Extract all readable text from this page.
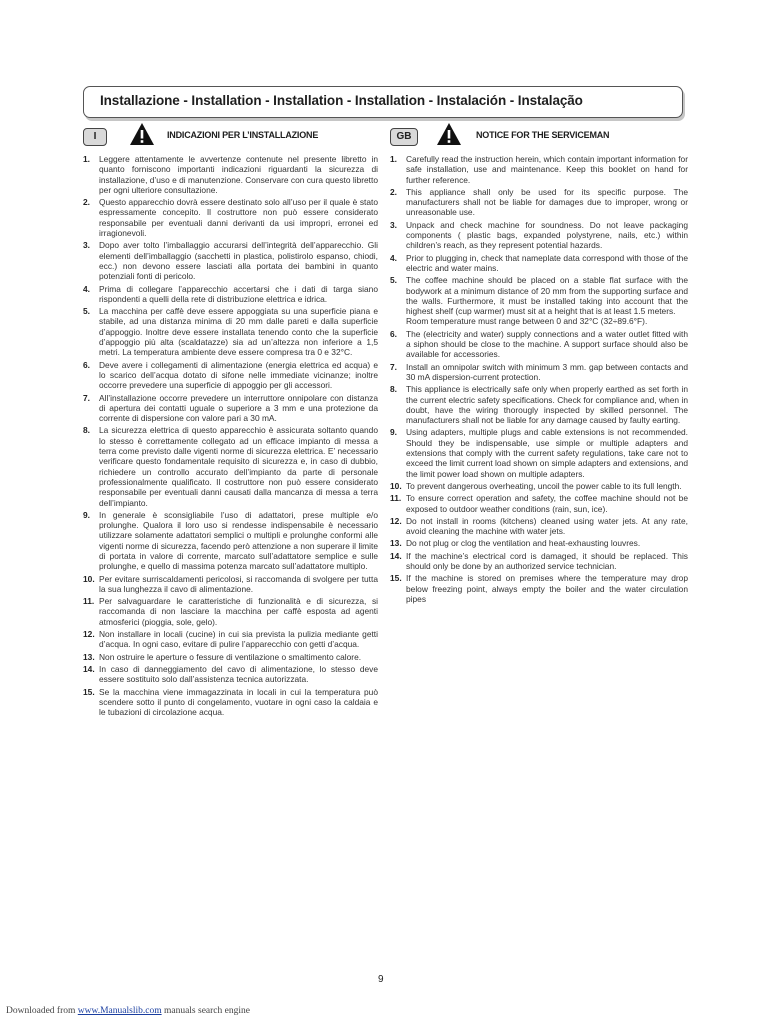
Installazione - Installation - Installation - Installation - Instalación - Instalação
I	INDICAZIONI PER L’INSTALLAZIONE
1. Leggere attentamente le avvertenze contenute nel presente libretto in quanto forniscono importanti indicazioni riguardanti la sicurezza di installazione, d’uso e di manutenzione. Conservare con cura questo libretto per ogni ulteriore consultazione.
2. Questo apparecchio dovrà essere destinato solo all’uso per il quale è stato espressamente concepito. Il costruttore non può essere considerato responsabile per eventuali danni derivanti da usi impropri, erronei ed irragionevoli.
3. Dopo aver tolto l’imballaggio accurarsi dell’integrità dell’apparecchio. Gli elementi dell’imballaggio (sacchetti in plastica, polistirolo espanso, chiodi, ecc.) non devono essere lasciati alla portata dei bambini in quanto potenziali fonti di pericolo.
4. Prima di collegare l’apparecchio accertarsi che i dati di targa siano rispondenti a quelli della rete di distribuzione elettrica e idrica.
5. La macchina per caffè deve essere appoggiata su una superficie piana e stabile, ad una distanza minima di 20 mm dalle pareti e dalla superficie d’appoggio. Inoltre deve essere installata tenendo conto che la superficie d’appoggio più alta (scaldatazze) sia ad un’altezza non inferiore a 1,5 metri. La temperatura ambiente deve essere compresa tra 0 e 32°C.
6. Deve avere i collegamenti di alimentazione (energia elettrica ed acqua) e lo scarico dell’acqua dotato di sifone nelle immediate vicinanze; inoltre occorre prevedere una superficie di appoggio per gli accessori.
7. All’installazione occorre prevedere un interruttore onnipolare con distanza di apertura dei contatti uguale o superiore a 3 mm e una protezione da corrente di dispersione con valore pari a 30 mA.
8. La sicurezza elettrica di questo apparecchio è assicurata soltanto quando lo stesso è correttamente collegato ad un efficace impianto di messa a terra come previsto dalle vigenti norme di sicurezza elettrica. E’ necessario verificare questo fondamentale requisito di sicurezza e, in caso di dubbio, richiedere un controllo accurato dell’impianto da parte di personale professionalmente qualificato. Il costruttore non può essere considerato responsabile per eventuali danni causati dalla mancanza di messa a terra dell’impianto.
9. In generale è sconsigliabile l’uso di adattatori, prese multiple e/o prolunghe. Qualora il loro uso si rendesse indispensabile è necessario utilizzare solamente adattatori semplici o multipli e prolunghe conformi alle vigenti norme di sicurezza, facendo però attenzione a non superare il limite di portata in valore di corrente, marcato sull’adattatore semplice e sulle prolunghe, e quello di massima potenza marcato sull’adattatore multiplo.
10. Per evitare surriscaldamenti pericolosi, si raccomanda di svolgere per tutta la sua lunghezza il cavo di alimentazione.
11. Per salvaguardare le caratteristiche di funzionalità e di sicurezza, si raccomanda di non lasciare la macchina per caffè esposta ad agenti atmosferici (pioggia, sole, gelo).
12. Non installare in locali (cucine) in cui sia prevista la pulizia mediante getti d’acqua. In ogni caso, evitare di pulire l’apparecchio con getti d’acqua.
13. Non ostruire le aperture o fessure di ventilazione o smaltimento calore.
14. In caso di danneggiamento del cavo di alimentazione, lo stesso deve essere sostituito solo dall’assistenza tecnica autorizzata.
15. Se la macchina viene immagazzinata in locali in cui la temperatura può scendere sotto il punto di congelamento, vuotare in ogni caso la caldaia e le tubazioni di circolazione acqua.
GB	NOTICE FOR THE SERVICEMAN
1. Carefully read the instruction herein, which contain important information for safe installation, use and maintenance. Keep this booklet on hand for further reference.
2. This appliance shall only be used for its specific purpose. The manufacturers shall not be liable for damages due to improper, wrong or unreasonable use.
3. Unpack and check machine for soundness. Do not leave packaging components ( plastic bags, expanded polystyrene, nails, etc.) within children’s reach, as they represent potential hazards.
4. Prior to plugging in, check that nameplate data correspond with those of the electric and water mains.
5. The coffee machine should be placed on a stable flat surface with the bodywork at a minimum distance of 20 mm from the supporting surface and the walls. Furthermore, it must be installed taking into account that the highest shelf (cup warmer) must sit at a height that is at least 1.5 meters.
Room temperature must range between 0 and 32°C (32÷89.6°F).
6. The (electricity and water) supply connections and a water outlet fitted with a siphon should be close to the machine. A support surface should also be available for accessories.
7. Install an omnipolar switch with minimum 3 mm. gap between contacts and 30 mA dispersion-current protection.
8. This appliance is electrically safe only when properly earthed as set forth in the current electric safety specifications. Check for compliance and, when in doubt, have the wiring thorougly inspected by skilled personnel. The manufacturers shall not be liable for any damage caused by faulty earting.
9. Using adapters, multiple plugs and cable extensions is not recommended. Should they be indispensable, use simple or multiple adapters and extensions that comply with the current safety regulations, take care not to exceed the limit current load shown on simple adapters and extensions, and the limit power load shown on multiple adapters.
10. To prevent dangerous overheating, uncoil the power cable to its full length.
11. To ensure correct operation and safety, the coffee machine should not be exposed to outdoor weather conditions (rain, sun, ice).
12. Do not install in rooms (kitchens) cleaned using water jets. At any rate, avoid cleaning the machine with water jets.
13. Do not plug or clog the ventilation and heat-exhausting louvres.
14. If the machine’s electrical cord is damaged, it should be replaced. This should only be done by an authorized service technician.
15. If the machine is stored on premises where the temperature may drop below freezing point, always empty the boiler and the water circulation pipes
9
Downloaded from www.Manualslib.com manuals search engine
